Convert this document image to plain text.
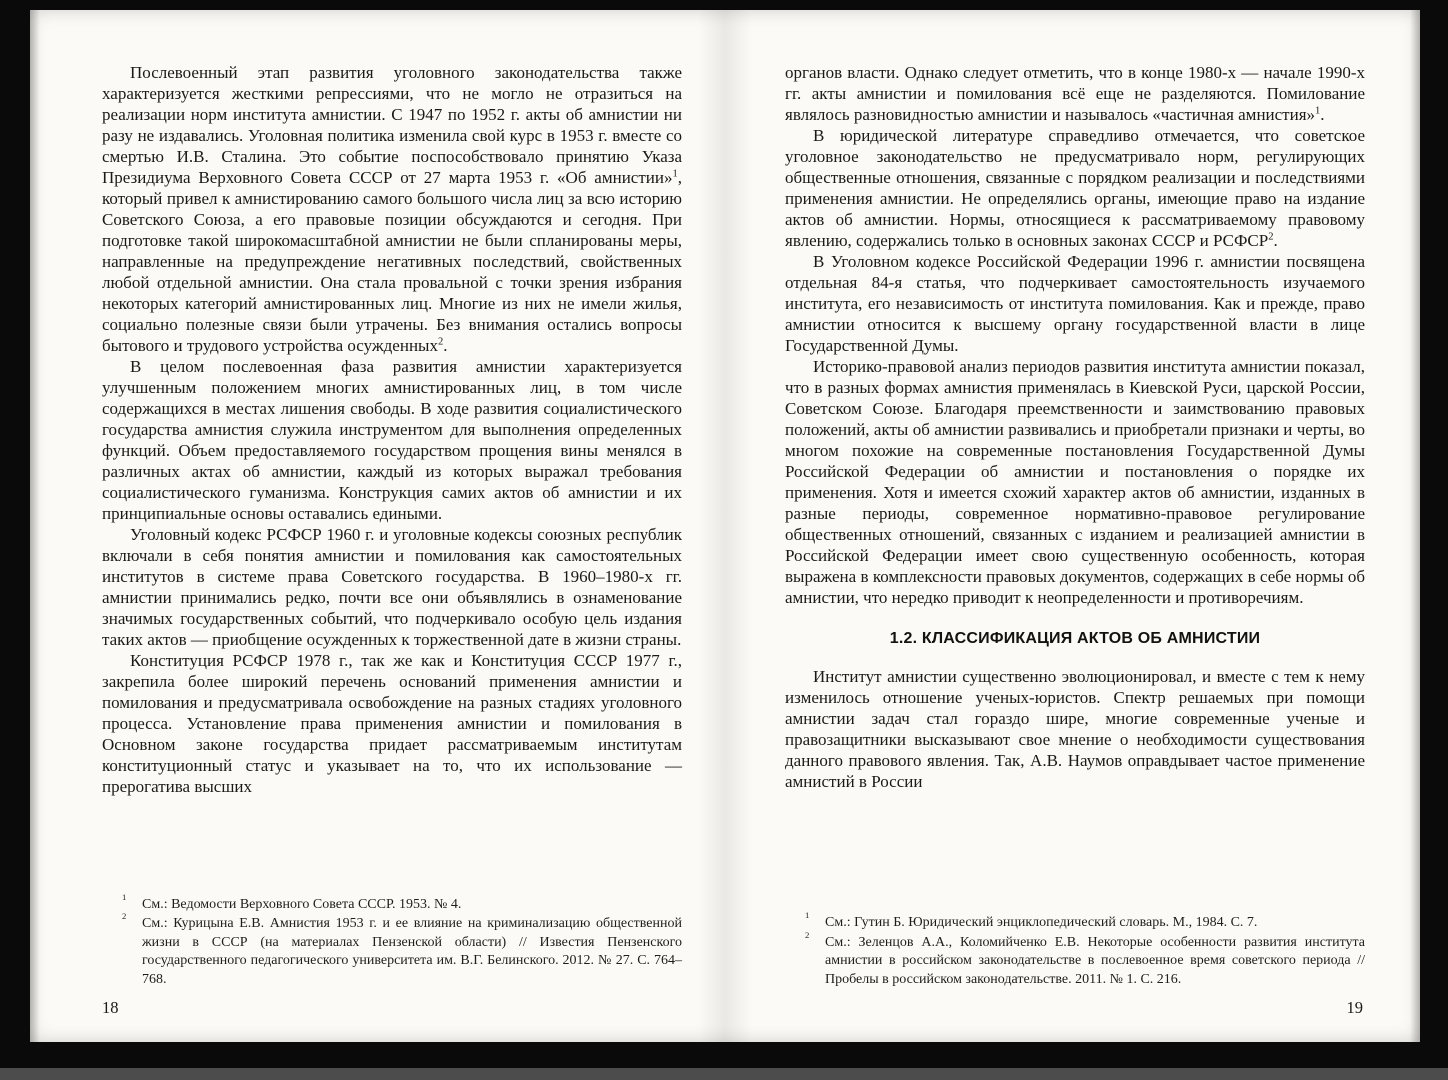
Послевоенный этап развития уголовного законодательства также характеризуется жесткими репрессиями, что не могло не отразиться на реализации норм института амнистии. С 1947 по 1952 г. акты об амнистии ни разу не издавались. Уголовная политика изменила свой курс в 1953 г. вместе со смертью И.В. Сталина. Это событие поспособствовало принятию Указа Президиума Верховного Совета СССР от 27 марта 1953 г. «Об амнистии»$^1$, который привел к амнистированию самого большого числа лиц за всю историю Советского Союза, а его правовые позиции обсуждаются и сегодня. При подготовке такой широкомасштабной амнистии не были спланированы меры, направленные на предупреждение негативных последствий, свойственных любой отдельной амнистии. Она стала провальной с точки зрения избрания некоторых категорий амнистированных лиц. Многие из них не имели жилья, социально полезные связи были утрачены. Без внимания остались вопросы бытового и трудового устройства осужденных$^2$.

В целом послевоенная фаза развития амнистии характеризуется улучшенным положением многих амнистированных лиц, в том числе содержащихся в местах лишения свободы. В ходе развития социалистического государства амнистия служила инструментом для выполнения определенных функций. Объем предоставляемого государством прощения вины менялся в различных актах об амнистии, каждый из которых выражал требования социалистического гуманизма. Конструкция самих актов об амнистии и их принципиальные основы оставались едиными.

Уголовный кодекс РСФСР 1960 г. и уголовные кодексы союзных республик включали в себя понятия амнистии и помилования как самостоятельных институтов в системе права Советского государства. В 1960–1980-х гг. амнистии принимались редко, почти все они объявлялись в ознаменование значимых государственных событий, что подчеркивало особую цель издания таких актов — приобщение осужденных к торжественной дате в жизни страны.

Конституция РСФСР 1978 г., так же как и Конституция СССР 1977 г., закрепила более широкий перечень оснований применения амнистии и помилования и предусматривала освобождение на разных стадиях уголовного процесса. Установление права применения амнистии и помилования в Основном законе государства придает рассматриваемым институтам конституционный статус и указывает на то, что их использование — прерогатива высших

1 См.: Ведомости Верховного Совета СССР. 1953. № 4.
2 См.: Курицына Е.В. Амнистия 1953 г. и ее влияние на криминализацию общественной жизни в СССР (на материалах Пензенской области) // Известия Пензенского государственного педагогического университета им. В.Г. Белинского. 2012. № 27. С. 764–768.
18

органов власти. Однако следует отметить, что в конце 1980-х — начале 1990-х гг. акты амнистии и помилования всё еще не разделяются. Помилование являлось разновидностью амнистии и называлось «частичная амнистия»$^1$.

В юридической литературе справедливо отмечается, что советское уголовное законодательство не предусматривало норм, регулирующих общественные отношения, связанные с порядком реализации и последствиями применения амнистии. Не определялись органы, имеющие право на издание актов об амнистии. Нормы, относящиеся к рассматриваемому правовому явлению, содержались только в основных законах СССР и РСФСР$^2$.

В Уголовном кодексе Российской Федерации 1996 г. амнистии посвящена отдельная 84-я статья, что подчеркивает самостоятельность изучаемого института, его независимость от института помилования. Как и прежде, право амнистии относится к высшему органу государственной власти в лице Государственной Думы.

Историко-правовой анализ периодов развития института амнистии показал, что в разных формах амнистия применялась в Киевской Руси, царской России, Советском Союзе. Благодаря преемственности и заимствованию правовых положений, акты об амнистии развивались и приобретали признаки и черты, во многом похожие на современные постановления Государственной Думы Российской Федерации об амнистии и постановления о порядке их применения. Хотя и имеется схожий характер актов об амнистии, изданных в разные периоды, современное нормативно-правовое регулирование общественных отношений, связанных с изданием и реализацией амнистии в Российской Федерации имеет свою существенную особенность, которая выражена в комплексности правовых документов, содержащих в себе нормы об амнистии, что нередко приводит к неопределенности и противоречиям.

1.2. КЛАССИФИКАЦИЯ АКТОВ ОБ АМНИСТИИ

Институт амнистии существенно эволюционировал, и вместе с тем к нему изменилось отношение ученых-юристов. Спектр решаемых при помощи амнистии задач стал гораздо шире, многие современные ученые и правозащитники высказывают свое мнение о необходимости существования данного правового явления. Так, А.В. Наумов оправдывает частое применение амнистий в России

1 См.: Гутин Б. Юридический энциклопедический словарь. М., 1984. С. 7.
2 См.: Зеленцов А.А., Коломийченко Е.В. Некоторые особенности развития института амнистии в российском законодательстве в послевоенное время советского периода // Пробелы в российском законодательстве. 2011. № 1. С. 216.
19
